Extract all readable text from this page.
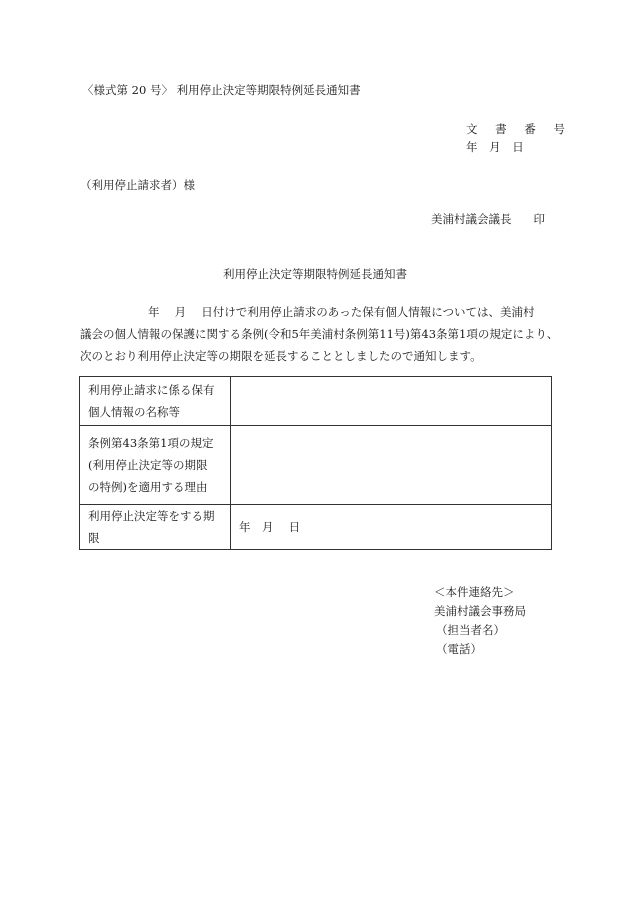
〈様式第 20 号〉 利用停止決定等期限特例延長通知書
文 書 番 号
年 月 日
（利用停止請求者）様
美浦村議会議長 印
利用停止決定等期限特例延長通知書
年　 月　 日付けで利用停止請求のあった保有個人情報については、美浦村
議会の個人情報の保護に関する条例(令和5年美浦村条例第11号)第43条第1項の規定により、
次のとおり利用停止決定等の期限を延長することとしましたので通知します。
利用停止請求に係る保有
個人情報の名称等	

条例第43条第1項の規定
(利用停止決定等の期限
の特例)を適用する理由	

利用停止決定等をする期限	年　月　 日
＜本件連絡先＞
美浦村議会事務局
（担当者名）
（電話）
